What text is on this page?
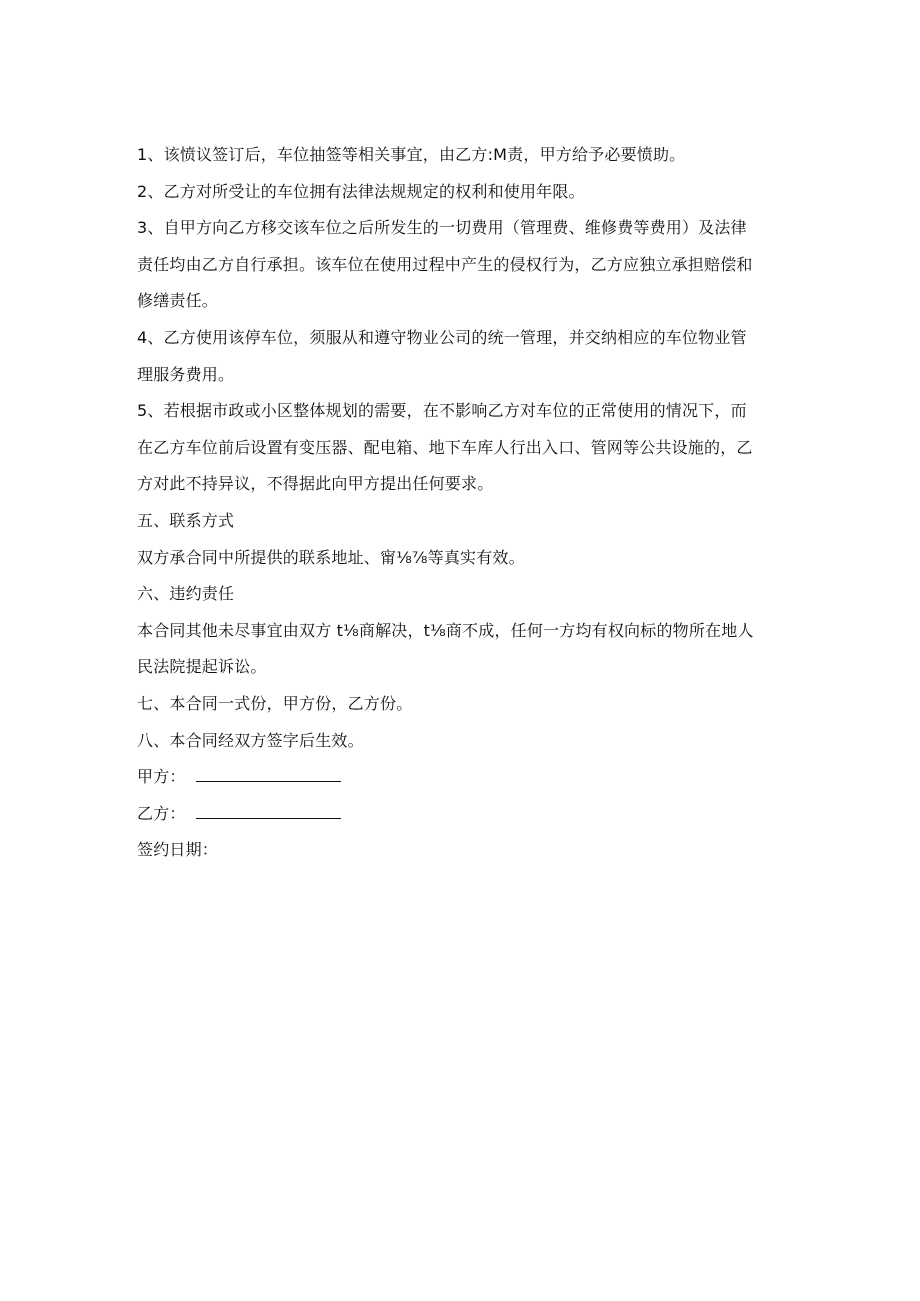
1、该愤议签订后，车位抽签等相关事宜，由乙方:M责，甲方给予必要愤助。
2、乙方对所受让的车位拥有法律法规规定的权利和使用年限。
3、自甲方向乙方移交该车位之后所发生的一切费用（管理费、维修费等费用）及法律
责任均由乙方自行承担。该车位在使用过程中产生的侵权行为，乙方应独立承担赔偿和
修缮责任。
4、乙方使用该停车位，须服从和遵守物业公司的统一管理，并交纳相应的车位物业管
理服务费用。
5、若根据市政或小区整体规划的需要，在不影响乙方对车位的正常使用的情况下，而
在乙方车位前后设置有变压器、配电箱、地下车库人行出入口、管网等公共设施的，乙
方对此不持异议，不得据此向甲方提出任何要求。
五、联系方式
双方承合同中所提供的联系地址、甯⅛⅞等真实有效。
六、违约责任
本合同其他未尽事宜由双方 t⅛商解决，t⅛商不成，任何一方均有权向标的物所在地人
民法院提起诉讼。
七、本合同一式份，甲方份，乙方份。
八、本合同经双方签字后生效。
甲方：
乙方：
签约日期：
